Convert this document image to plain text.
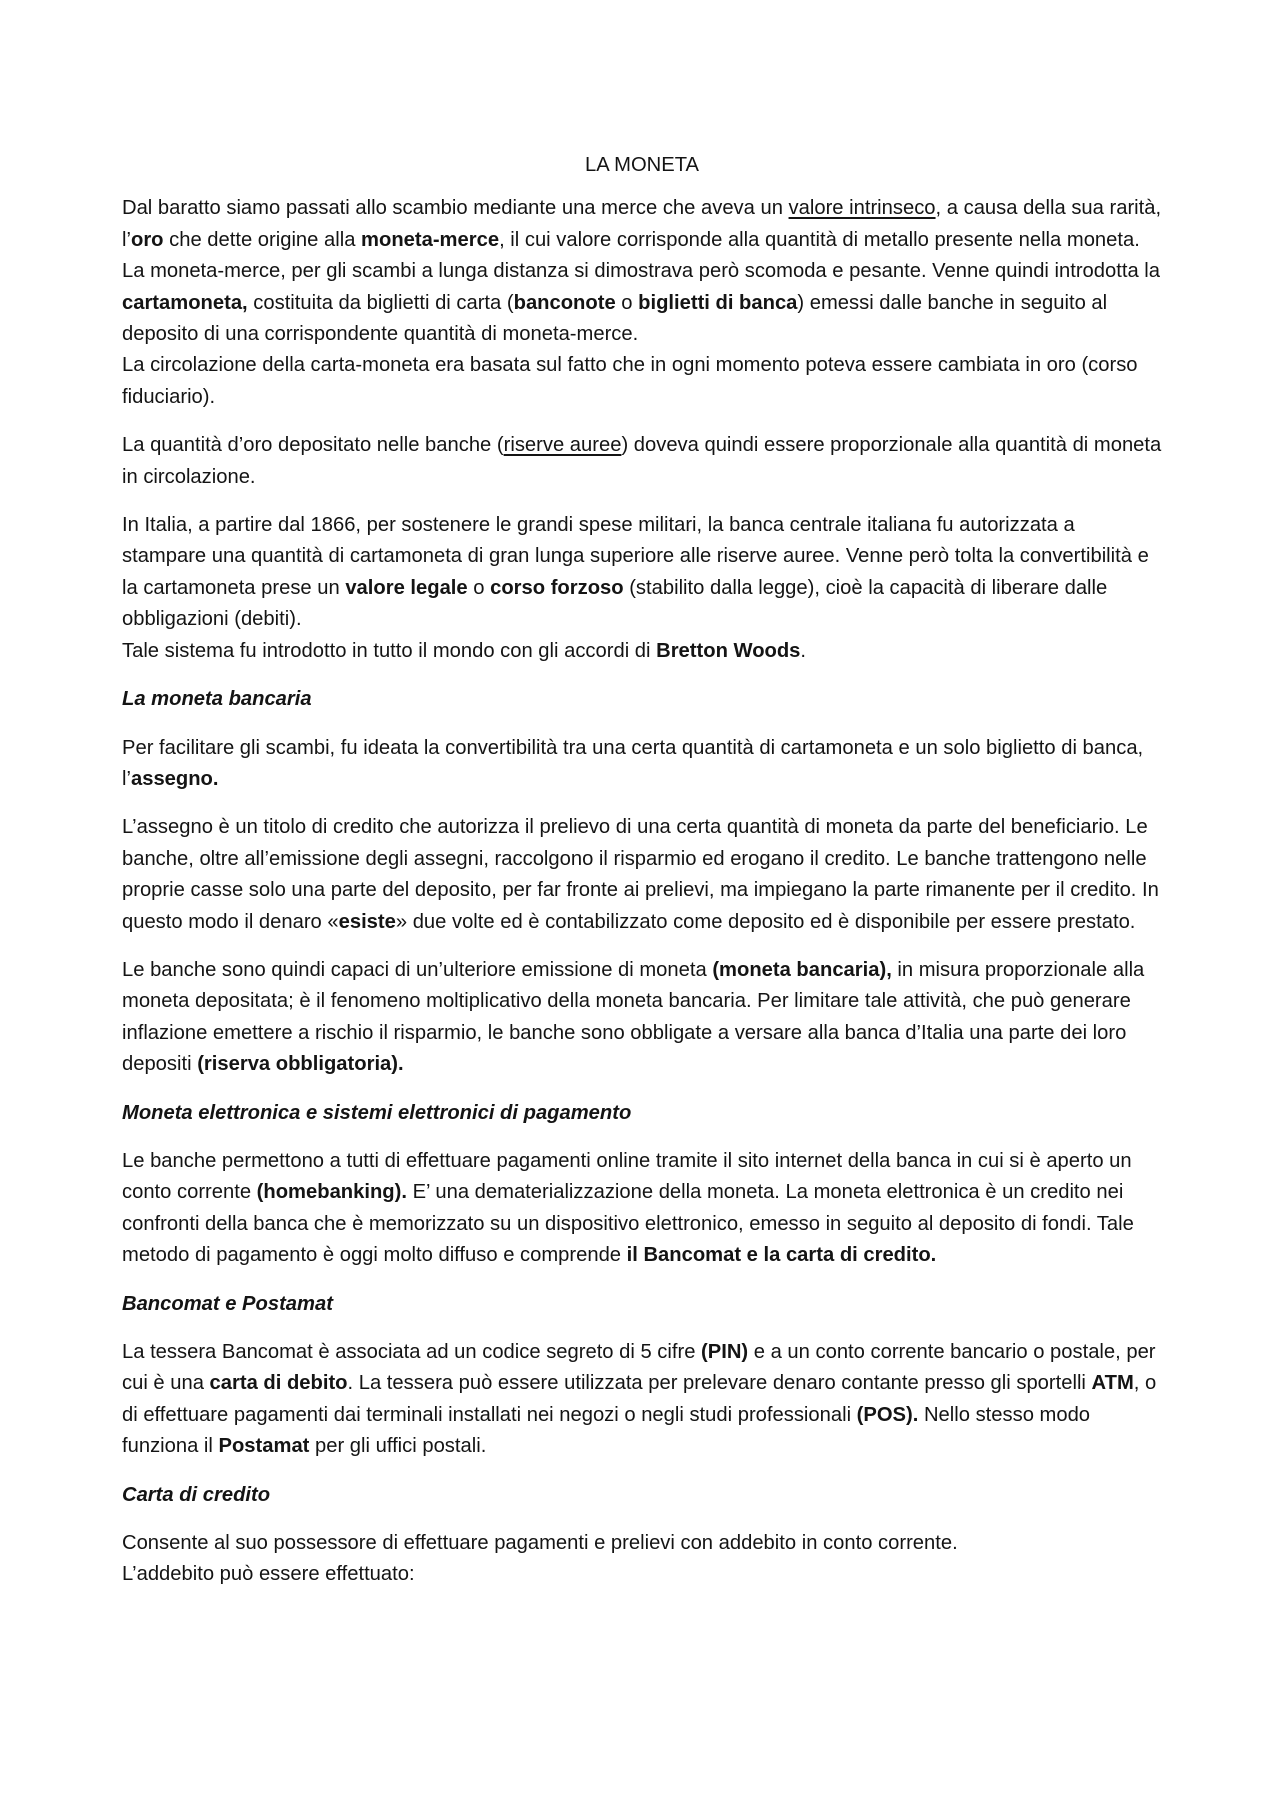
LA MONETA

Dal baratto siamo passati allo scambio mediante una merce che aveva un valore intrinseco, a causa della sua rarità, l’oro che dette origine alla moneta-merce, il cui valore corrisponde alla quantità di metallo presente nella moneta. La moneta-merce, per gli scambi a lunga distanza si dimostrava però scomoda e pesante. Venne quindi introdotta la cartamoneta, costituita da biglietti di carta (banconote o biglietti di banca) emessi dalle banche in seguito al deposito di una corrispondente quantità di moneta-merce.

La circolazione della carta-moneta era basata sul fatto che in ogni momento poteva essere cambiata in oro (corso fiduciario).

La quantità d’oro depositato nelle banche (riserve auree) doveva quindi essere proporzionale alla quantità di moneta in circolazione.

In Italia, a partire dal 1866, per sostenere le grandi spese militari, la banca centrale italiana fu autorizzata a stampare una quantità di cartamoneta di gran lunga superiore alle riserve auree. Venne però tolta la convertibilità e la cartamoneta prese un valore legale o corso forzoso (stabilito dalla legge), cioè la capacità di liberare dalle obbligazioni (debiti).

Tale sistema fu introdotto in tutto il mondo con gli accordi di Bretton Woods.

La moneta bancaria

Per facilitare gli scambi, fu ideata la convertibilità tra una certa quantità di cartamoneta e un solo biglietto di banca, l’assegno.

L’assegno è un titolo di credito che autorizza il prelievo di una certa quantità di moneta da parte del beneficiario. Le banche, oltre all’emissione degli assegni, raccolgono il risparmio ed erogano il credito. Le banche trattengono nelle proprie casse solo una parte del deposito, per far fronte ai prelievi, ma impiegano la parte rimanente per il credito. In questo modo il denaro «esiste» due volte ed è contabilizzato come deposito ed è disponibile per essere prestato.

Le banche sono quindi capaci di un’ulteriore emissione di moneta (moneta bancaria), in misura proporzionale alla moneta depositata; è il fenomeno moltiplicativo della moneta bancaria. Per limitare tale attività, che può generare inflazione emettere a rischio il risparmio, le banche sono obbligate a versare alla banca d’Italia una parte dei loro depositi (riserva obbligatoria).

Moneta elettronica e sistemi elettronici di pagamento

Le banche permettono a tutti di effettuare pagamenti online tramite il sito internet della banca in cui si è aperto un conto corrente (homebanking). E’ una dematerializzazione della moneta. La moneta elettronica è un credito nei confronti della banca che è memorizzato su un dispositivo elettronico, emesso in seguito al deposito di fondi. Tale metodo di pagamento è oggi molto diffuso e comprende il Bancomat e la carta di credito.

Bancomat e Postamat

La tessera Bancomat è associata ad un codice segreto di 5 cifre (PIN) e a un conto corrente bancario o postale, per cui è una carta di debito. La tessera può essere utilizzata per prelevare denaro contante presso gli sportelli ATM, o di effettuare pagamenti dai terminali installati nei negozi o negli studi professionali (POS). Nello stesso modo funziona il Postamat per gli uffici postali.

Carta di credito

Consente al suo possessore di effettuare pagamenti e prelievi con addebito in conto corrente.

L’addebito può essere effettuato:
